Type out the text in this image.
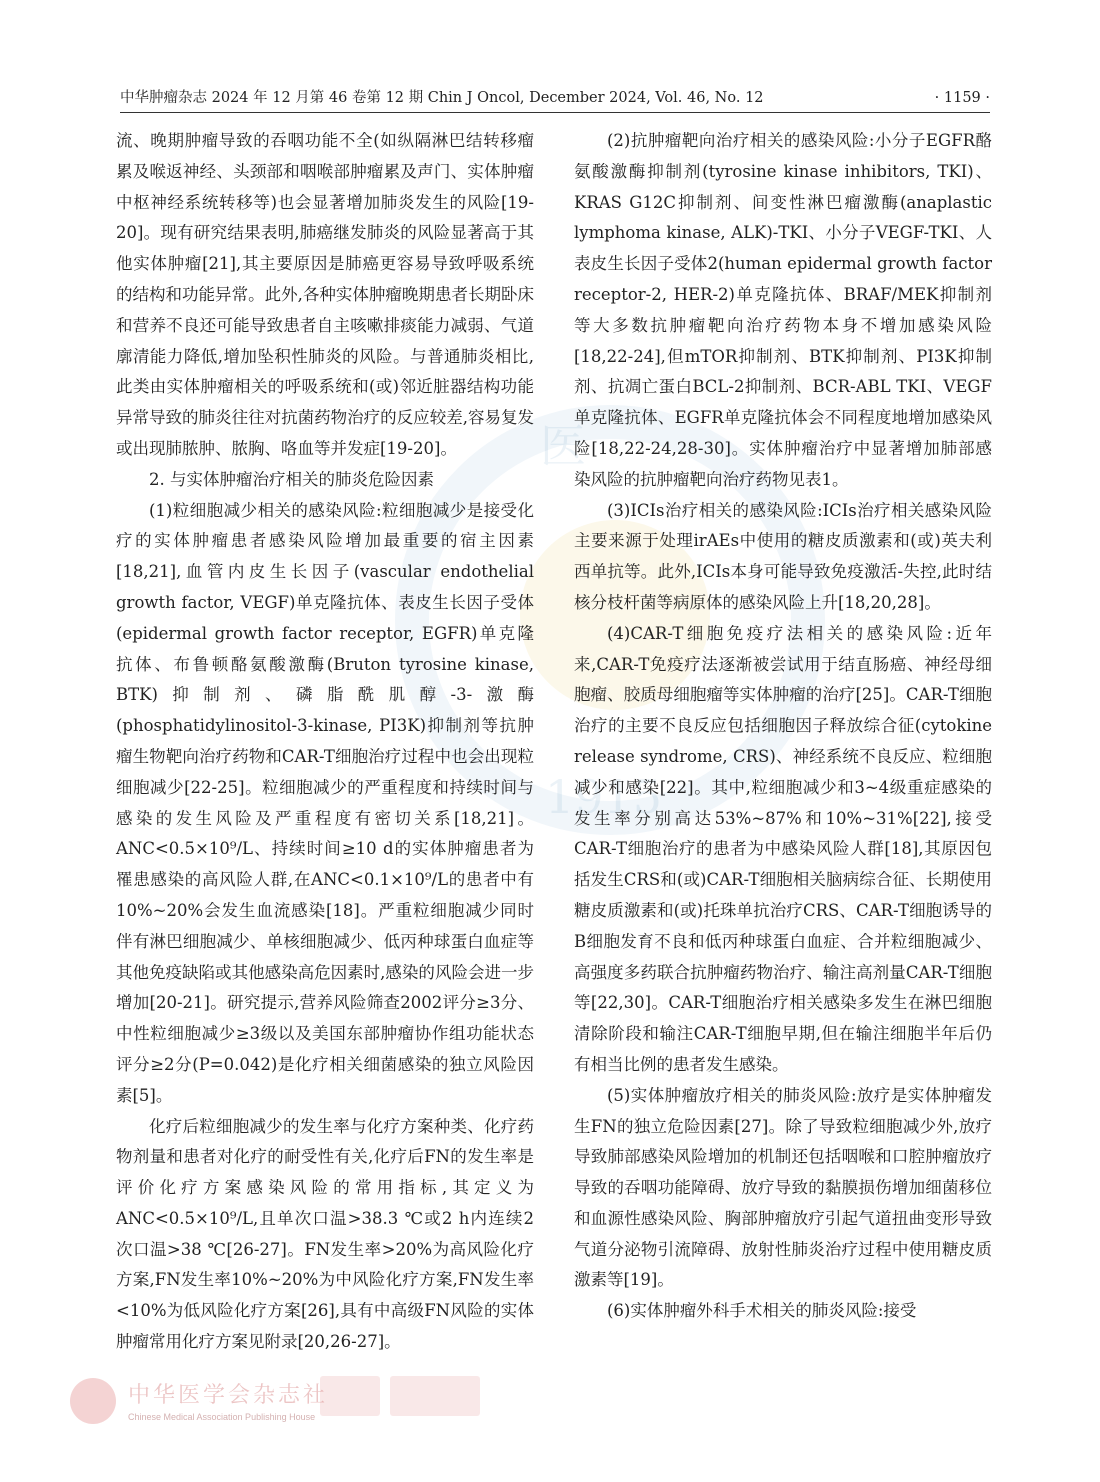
医
1915
中华肿瘤杂志 2024 年 12 月第 46 卷第 12 期 Chin J Oncol, December 2024, Vol. 46, No. 12	· 1159 ·

流、晚期肿瘤导致的吞咽功能不全(如纵隔淋巴结转移瘤累及喉返神经、头颈部和咽喉部肿瘤累及声门、实体肿瘤中枢神经系统转移等)也会显著增加肺炎发生的风险[19-20]。现有研究结果表明,肺癌继发肺炎的风险显著高于其他实体肿瘤[21],其主要原因是肺癌更容易导致呼吸系统的结构和功能异常。此外,各种实体肿瘤晚期患者长期卧床和营养不良还可能导致患者自主咳嗽排痰能力减弱、气道廓清能力降低,增加坠积性肺炎的风险。与普通肺炎相比,此类由实体肿瘤相关的呼吸系统和(或)邻近脏器结构功能异常导致的肺炎往往对抗菌药物治疗的反应较差,容易复发或出现肺脓肿、脓胸、咯血等并发症[19-20]。

2. 与实体肿瘤治疗相关的肺炎危险因素

(1)粒细胞减少相关的感染风险:粒细胞减少是接受化疗的实体肿瘤患者感染风险增加最重要的宿主因素[18,21],血管内皮生长因子(vascular endothelial growth factor, VEGF)单克隆抗体、表皮生长因子受体(epidermal growth factor receptor, EGFR)单克隆抗体、布鲁顿酪氨酸激酶(Bruton tyrosine kinase, BTK)抑制剂、磷脂酰肌醇-3-激酶(phosphatidylinositol-3-kinase, PI3K)抑制剂等抗肿瘤生物靶向治疗药物和CAR-T细胞治疗过程中也会出现粒细胞减少[22-25]。粒细胞减少的严重程度和持续时间与感染的发生风险及严重程度有密切关系[18,21]。ANC<0.5×10⁹/L、持续时间≥10 d的实体肿瘤患者为罹患感染的高风险人群,在ANC<0.1×10⁹/L的患者中有10%~20%会发生血流感染[18]。严重粒细胞减少同时伴有淋巴细胞减少、单核细胞减少、低丙种球蛋白血症等其他免疫缺陷或其他感染高危因素时,感染的风险会进一步增加[20-21]。研究提示,营养风险筛查2002评分≥3分、中性粒细胞减少≥3级以及美国东部肿瘤协作组功能状态评分≥2分(P=0.042)是化疗相关细菌感染的独立风险因素[5]。

化疗后粒细胞减少的发生率与化疗方案种类、化疗药物剂量和患者对化疗的耐受性有关,化疗后FN的发生率是评价化疗方案感染风险的常用指标,其定义为ANC<0.5×10⁹/L,且单次口温>38.3 ℃或2 h内连续2次口温>38 ℃[26-27]。FN发生率>20%为高风险化疗方案,FN发生率10%~20%为中风险化疗方案,FN发生率<10%为低风险化疗方案[26],具有中高级FN风险的实体肿瘤常用化疗方案见附录[20,26-27]。

(2)抗肿瘤靶向治疗相关的感染风险:小分子EGFR酪氨酸激酶抑制剂(tyrosine kinase inhibitors, TKI)、KRAS G12C抑制剂、间变性淋巴瘤激酶(anaplastic lymphoma kinase, ALK)-TKI、小分子VEGF-TKI、人表皮生长因子受体2(human epidermal growth factor receptor-2, HER-2)单克隆抗体、BRAF/MEK抑制剂等大多数抗肿瘤靶向治疗药物本身不增加感染风险[18,22-24],但mTOR抑制剂、BTK抑制剂、PI3K抑制剂、抗凋亡蛋白BCL-2抑制剂、BCR-ABL TKI、VEGF单克隆抗体、EGFR单克隆抗体会不同程度地增加感染风险[18,22-24,28-30]。实体肿瘤治疗中显著增加肺部感染风险的抗肿瘤靶向治疗药物见表1。

(3)ICIs治疗相关的感染风险:ICIs治疗相关感染风险主要来源于处理irAEs中使用的糖皮质激素和(或)英夫利西单抗等。此外,ICIs本身可能导致免疫激活-失控,此时结核分枝杆菌等病原体的感染风险上升[18,20,28]。

(4)CAR-T细胞免疫疗法相关的感染风险:近年来,CAR-T免疫疗法逐渐被尝试用于结直肠癌、神经母细胞瘤、胶质母细胞瘤等实体肿瘤的治疗[25]。CAR-T细胞治疗的主要不良反应包括细胞因子释放综合征(cytokine release syndrome, CRS)、神经系统不良反应、粒细胞减少和感染[22]。其中,粒细胞减少和3~4级重症感染的发生率分别高达53%~87%和10%~31%[22],接受CAR-T细胞治疗的患者为中感染风险人群[18],其原因包括发生CRS和(或)CAR-T细胞相关脑病综合征、长期使用糖皮质激素和(或)托珠单抗治疗CRS、CAR-T细胞诱导的B细胞发育不良和低丙种球蛋白血症、合并粒细胞减少、高强度多药联合抗肿瘤药物治疗、输注高剂量CAR-T细胞等[22,30]。CAR-T细胞治疗相关感染多发生在淋巴细胞清除阶段和输注CAR-T细胞早期,但在输注细胞半年后仍有相当比例的患者发生感染。

(5)实体肿瘤放疗相关的肺炎风险:放疗是实体肿瘤发生FN的独立危险因素[27]。除了导致粒细胞减少外,放疗导致肺部感染风险增加的机制还包括咽喉和口腔肿瘤放疗导致的吞咽功能障碍、放疗导致的黏膜损伤增加细菌移位和血源性感染风险、胸部肿瘤放疗引起气道扭曲变形导致气道分泌物引流障碍、放射性肺炎治疗过程中使用糖皮质激素等[19]。

(6)实体肿瘤外科手术相关的肺炎风险:接受

中华医学会杂志社
Chinese Medical Association Publishing House
